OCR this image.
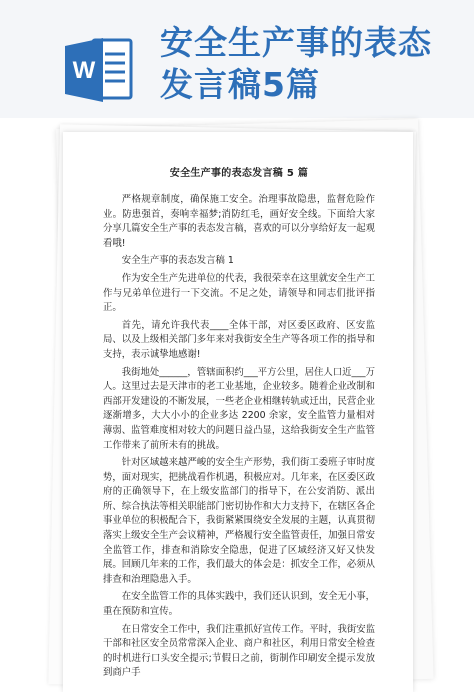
W
安全生产事的表态
发言稿5篇
安全生产事的表态发言稿 5 篇

严格规章制度，确保施工安全。治理事故隐患，监督危险作业。防患强首，奏响幸福梦;消防红毛，画好安全线。下面给大家分享几篇安全生产事的表态发言稿，喜欢的可以分享给好友一起观看哦!

安全生产事的表态发言稿 1

作为安全生产先进单位的代表，我很荣幸在这里就安全生产工作与兄弟单位进行一下交流。不足之处，请领导和同志们批评指正。

首先，请允许我代表____全体干部，对区委区政府、区安监局、以及上级相关部门多年来对我街安全生产等各项工作的指导和支持，表示诚挚地感谢!

我街地处______，管辖面积约___平方公里，居住人口近___万人。这里过去是天津市的老工业基地，企业较多。随着企业改制和西部开发建设的不断发展，一些老企业相继转轨或迁出，民营企业逐渐增多，大大小小的企业多达 2200 余家，安全监管力量相对薄弱、监管难度相对较大的问题日益凸显，这给我街安全生产监管工作带来了前所未有的挑战。

针对区域越来越严峻的安全生产形势，我们街工委班子审时度势，面对现实，把挑战看作机遇，积极应对。几年来，在区委区政府的正确领导下，在上级安监部门的指导下，在公安消防、派出所、综合执法等相关职能部门密切协作和大力支持下，在辖区各企事业单位的积极配合下，我街紧紧围绕安全发展的主题，认真贯彻落实上级安全生产会议精神，严格履行安全监管责任，加强日常安全监管工作，排查和消除安全隐患，促进了区域经济又好又快发展。回顾几年来的工作，我们最大的体会是：抓安全工作，必须从排查和治理隐患入手。

在安全监管工作的具体实践中，我们还认识到，安全无小事，重在预防和宣传。

在日常安全工作中，我们注重抓好宣传工作。平时，我街安监干部和社区安全员常常深入企业、商户和社区，利用日常安全检查的时机进行口头安全提示;节假日之前，街制作印刷安全提示发放到商户手
